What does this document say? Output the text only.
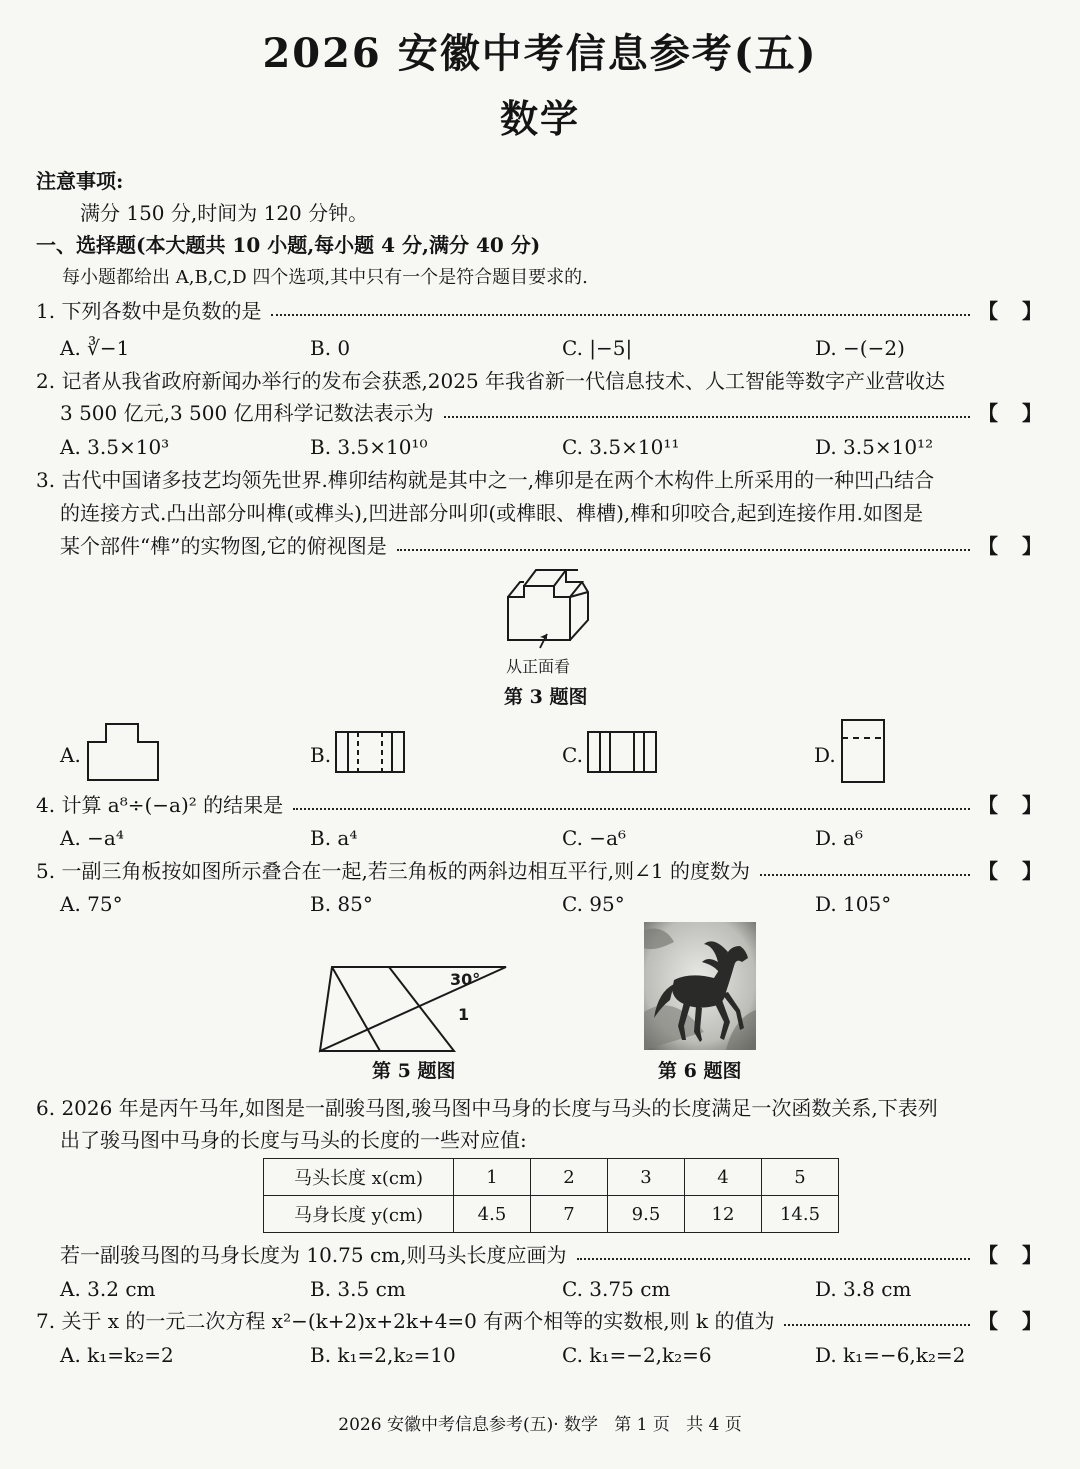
2026 安徽中考信息参考(五)
数学
注意事项:
满分 150 分,时间为 120 分钟。
一、选择题(本大题共 10 小题,每小题 4 分,满分 40 分)
每小题都给出 A,B,C,D 四个选项,其中只有一个是符合题目要求的.
1. 下列各数中是负数的是	【 】
A. ∛−1	B. 0	C. |−5|	D. −(−2)
2. 记者从我省政府新闻办举行的发布会获悉,2025 年我省新一代信息技术、人工智能等数字产业营收达
3 500 亿元,3 500 亿用科学记数法表示为	【 】
A. 3.5×10³	B. 3.5×10¹⁰	C. 3.5×10¹¹	D. 3.5×10¹²
3. 古代中国诸多技艺均领先世界.榫卯结构就是其中之一,榫卯是在两个木构件上所采用的一种凹凸结合
的连接方式.凸出部分叫榫(或榫头),凹进部分叫卯(或榫眼、榫槽),榫和卯咬合,起到连接作用.如图是
某个部件“榫”的实物图,它的俯视图是	【 】
从正面看
第 3 题图
A.	B.	C.	D.
4. 计算 a⁸÷(−a)² 的结果是	【 】
A. −a⁴	B. a⁴	C. −a⁶	D. a⁶
5. 一副三角板按如图所示叠合在一起,若三角板的两斜边相互平行,则∠1 的度数为	【 】
A. 75°	B. 85°	C. 95°	D. 105°
30°
1
第 5 题图	第 6 题图
6. 2026 年是丙午马年,如图是一副骏马图,骏马图中马身的长度与马头的长度满足一次函数关系,下表列
出了骏马图中马身的长度与马头的长度的一些对应值:
马头长度 x(cm)	1	2	3	4	5
马身长度 y(cm)	4.5	7	9.5	12	14.5
若一副骏马图的马身长度为 10.75 cm,则马头长度应画为	【 】
A. 3.2 cm	B. 3.5 cm	C. 3.75 cm	D. 3.8 cm
7. 关于 x 的一元二次方程 x²−(k+2)x+2k+4=0 有两个相等的实数根,则 k 的值为	【 】
A. k₁=k₂=2	B. k₁=2,k₂=10	C. k₁=−2,k₂=6	D. k₁=−6,k₂=2
2026 安徽中考信息参考(五)· 数学   第 1 页   共 4 页
